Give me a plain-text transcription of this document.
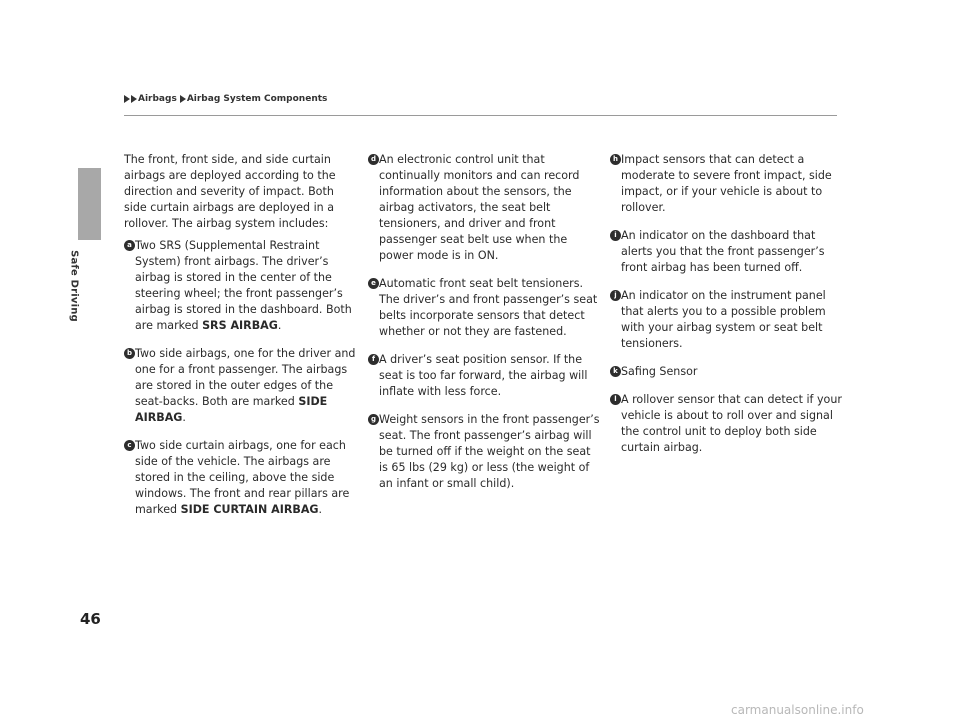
Safe Driving
Airbags Airbag System Components

The front, front side, and side curtain airbags are deployed according to the direction and severity of impact. Both side curtain airbags are deployed in a rollover. The airbag system includes:

a Two SRS (Supplemental Restraint System) front airbags. The driver’s airbag is stored in the center of the steering wheel; the front passenger’s airbag is stored in the dashboard. Both are marked SRS AIRBAG.
b Two side airbags, one for the driver and one for a front passenger. The airbags are stored in the outer edges of the seat-backs. Both are marked SIDE AIRBAG.
c Two side curtain airbags, one for each side of the vehicle. The airbags are stored in the ceiling, above the side windows. The front and rear pillars are marked SIDE CURTAIN AIRBAG.
d An electronic control unit that continually monitors and can record information about the sensors, the airbag activators, the seat belt tensioners, and driver and front passenger seat belt use when the power mode is in ON.
e Automatic front seat belt tensioners. The driver’s and front passenger’s seat belts incorporate sensors that detect whether or not they are fastened.
f A driver’s seat position sensor. If the seat is too far forward, the airbag will inflate with less force.
g Weight sensors in the front passenger’s seat. The front passenger’s airbag will be turned off if the weight on the seat is 65 lbs (29 kg) or less (the weight of an infant or small child).
h Impact sensors that can detect a moderate to severe front impact, side impact, or if your vehicle is about to rollover.
i An indicator on the dashboard that alerts you that the front passenger’s front airbag has been turned off.
j An indicator on the instrument panel that alerts you to a possible problem with your airbag system or seat belt tensioners.
k Safing Sensor
l A rollover sensor that can detect if your vehicle is about to roll over and signal the control unit to deploy both side curtain airbag.
46
carmanualsonline.info
